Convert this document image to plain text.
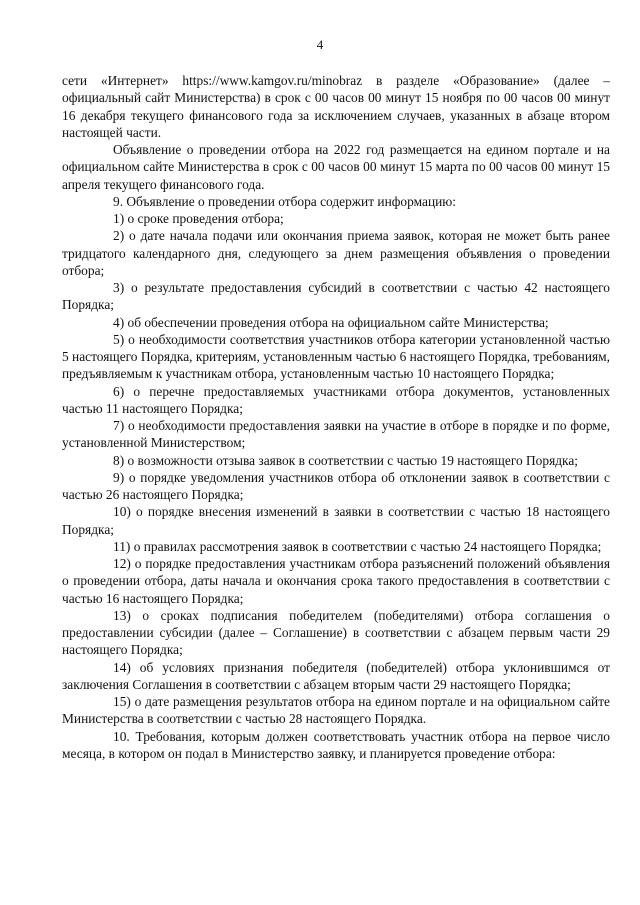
4

сети «Интернет» https://www.kamgov.ru/minobraz в разделе «Образование» (далее – официальный сайт Министерства) в срок с 00 часов 00 минут 15 ноября по 00 часов 00 минут 16 декабря текущего финансового года за исключением случаев, указанных в абзаце втором настоящей части.

Объявление о проведении отбора на 2022 год размещается на едином портале и на официальном сайте Министерства в срок с 00 часов 00 минут 15 марта по 00 часов 00 минут 15 апреля текущего финансового года.

9. Объявление о проведении отбора содержит информацию:

1) о сроке проведения отбора;

2) о дате начала подачи или окончания приема заявок, которая не может быть ранее тридцатого календарного дня, следующего за днем размещения объявления о проведении отбора;

3) о результате предоставления субсидий в соответствии с частью 42 настоящего Порядка;

4) об обеспечении проведения отбора на официальном сайте Министерства;

5) о необходимости соответствия участников отбора категории установленной частью 5 настоящего Порядка, критериям, установленным частью 6 настоящего Порядка, требованиям, предъявляемым к участникам отбора, установленным частью 10 настоящего Порядка;

6) о перечне предоставляемых участниками отбора документов, установленных частью 11 настоящего Порядка;

7) о необходимости предоставления заявки на участие в отборе в порядке и по форме, установленной Министерством;

8) о возможности отзыва заявок в соответствии с частью 19 настоящего Порядка;

9) о порядке уведомления участников отбора об отклонении заявок в соответствии с частью 26 настоящего Порядка;

10) о порядке внесения изменений в заявки в соответствии с частью 18 настоящего Порядка;

11) о правилах рассмотрения заявок в соответствии с частью 24 настоящего Порядка;

12) о порядке предоставления участникам отбора разъяснений положений объявления о проведении отбора, даты начала и окончания срока такого предоставления в соответствии с частью 16 настоящего Порядка;

13) о сроках подписания победителем (победителями) отбора соглашения о предоставлении субсидии (далее – Соглашение) в соответствии с абзацем первым части 29 настоящего Порядка;

14) об условиях признания победителя (победителей) отбора уклонившимся от заключения Соглашения в соответствии с абзацем вторым части 29 настоящего Порядка;

15) о дате размещения результатов отбора на едином портале и на официальном сайте Министерства в соответствии с частью 28 настоящего Порядка.

10. Требования, которым должен соответствовать участник отбора на первое число месяца, в котором он подал в Министерство заявку, и планируется проведение отбора:
